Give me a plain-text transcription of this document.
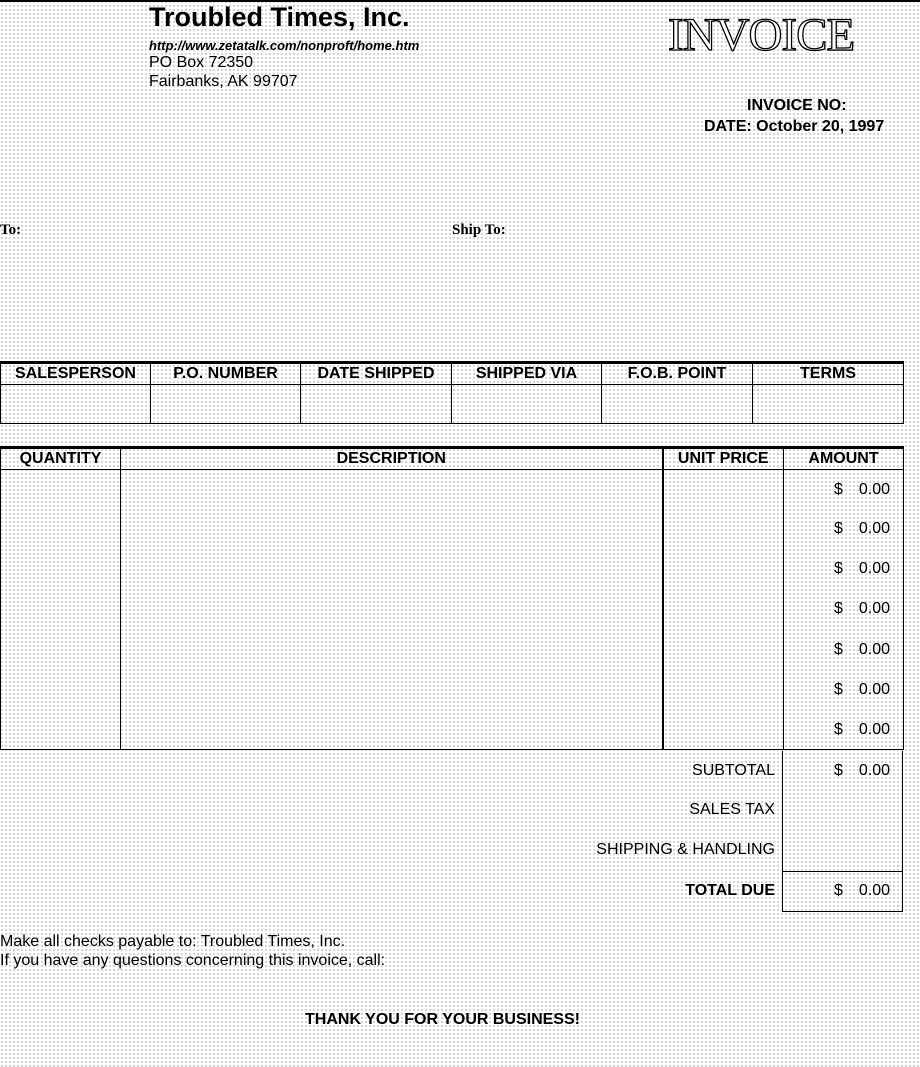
Troubled Times, Inc.
http://www.zetatalk.com/nonproft/home.htm
PO Box 72350
Fairbanks, AK 99707
INVOICE
INVOICE NO:
DATE: October 20, 1997
To:	Ship To:
SALESPERSON	P.O. NUMBER	DATE SHIPPED	SHIPPED VIA	F.O.B. POINT	TERMS

QUANTITY	DESCRIPTION	UNIT PRICE	AMOUNT

$ 0.00
$ 0.00
$ 0.00
$ 0.00
$ 0.00
$ 0.00
$ 0.00
SUBTOTAL	$ 0.00
SALES TAX
SHIPPING & HANDLING
TOTAL DUE	$ 0.00
Make all checks payable to: Troubled Times, Inc.
If you have any questions concerning this invoice, call:
THANK YOU FOR YOUR BUSINESS!
